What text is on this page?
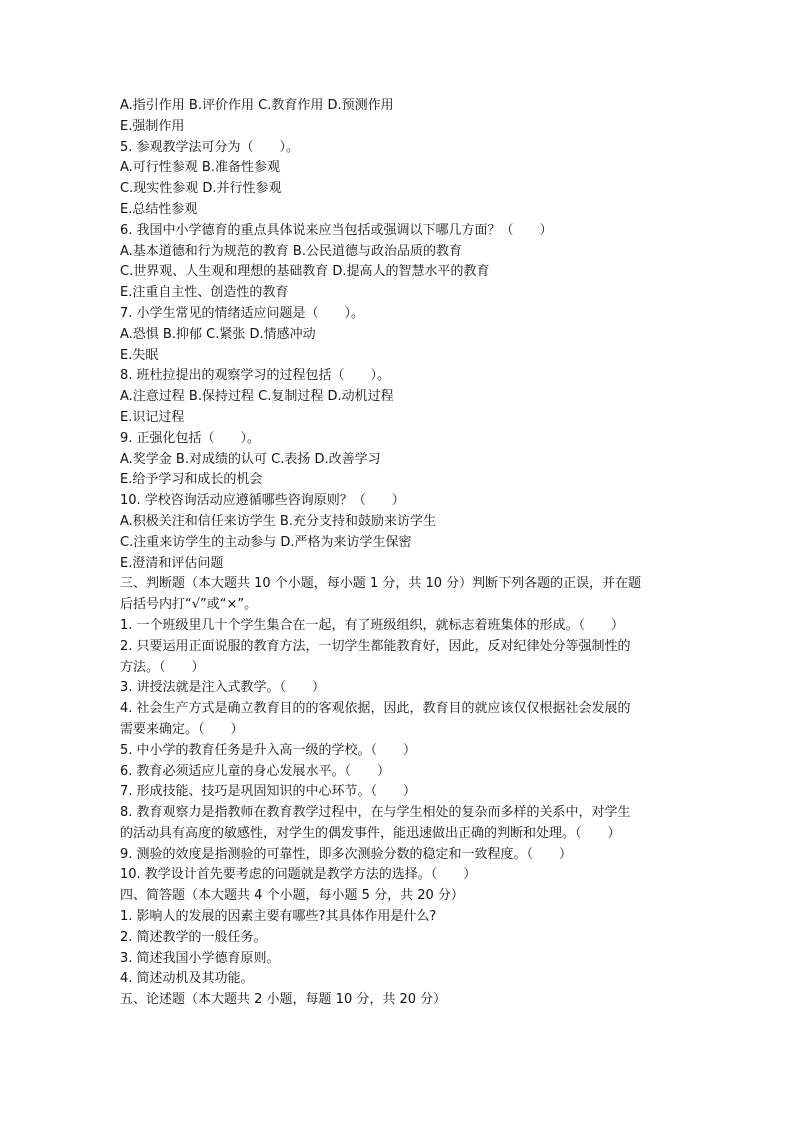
A.指引作用 B.评价作用 C.教育作用 D.预测作用
E.强制作用
5. 参观教学法可分为（　　）。
A.可行性参观 B.准备性参观
C.现实性参观 D.并行性参观
E.总结性参观
6. 我国中小学德育的重点具体说来应当包括或强调以下哪几方面？（　　）
A.基本道德和行为规范的教育 B.公民道德与政治品质的教育
C.世界观、人生观和理想的基础教育 D.提高人的智慧水平的教育
E.注重自主性、创造性的教育
7. 小学生常见的情绪适应问题是（　　）。
A.恐惧 B.抑郁 C.紧张 D.情感冲动
E.失眠
8. 班杜拉提出的观察学习的过程包括（　　）。
A.注意过程 B.保持过程 C.复制过程 D.动机过程
E.识记过程
9. 正强化包括（　　）。
A.奖学金 B.对成绩的认可 C.表扬 D.改善学习
E.给予学习和成长的机会
10. 学校咨询活动应遵循哪些咨询原则？（　　）
A.积极关注和信任来访学生 B.充分支持和鼓励来访学生
C.注重来访学生的主动参与 D.严格为来访学生保密
E.澄清和评估问题
三、判断题（本大题共 10 个小题，每小题 1 分，共 10 分）判断下列各题的正误，并在题
后括号内打“√”或“×”。
1. 一个班级里几十个学生集合在一起，有了班级组织，就标志着班集体的形成。（　　）
2. 只要运用正面说服的教育方法，一切学生都能教育好，因此，反对纪律处分等强制性的
方法。（　　）
3. 讲授法就是注入式教学。（　　）
4. 社会生产方式是确立教育目的的客观依据，因此，教育目的就应该仅仅根据社会发展的
需要来确定。（　　）
5. 中小学的教育任务是升入高一级的学校。（　　）
6. 教育必须适应儿童的身心发展水平。（　　）
7. 形成技能、技巧是巩固知识的中心环节。（　　）
8. 教育观察力是指教师在教育教学过程中，在与学生相处的复杂而多样的关系中，对学生
的活动具有高度的敏感性，对学生的偶发事件，能迅速做出正确的判断和处理。（　　）
9. 测验的效度是指测验的可靠性，即多次测验分数的稳定和一致程度。（　　）
10. 教学设计首先要考虑的问题就是教学方法的选择。（　　）
四、简答题（本大题共 4 个小题，每小题 5 分，共 20 分）
1. 影响人的发展的因素主要有哪些?其具体作用是什么?
2. 简述教学的一般任务。
3. 简述我国小学德育原则。
4. 简述动机及其功能。
五、论述题（本大题共 2 小题，每题 10 分，共 20 分）
